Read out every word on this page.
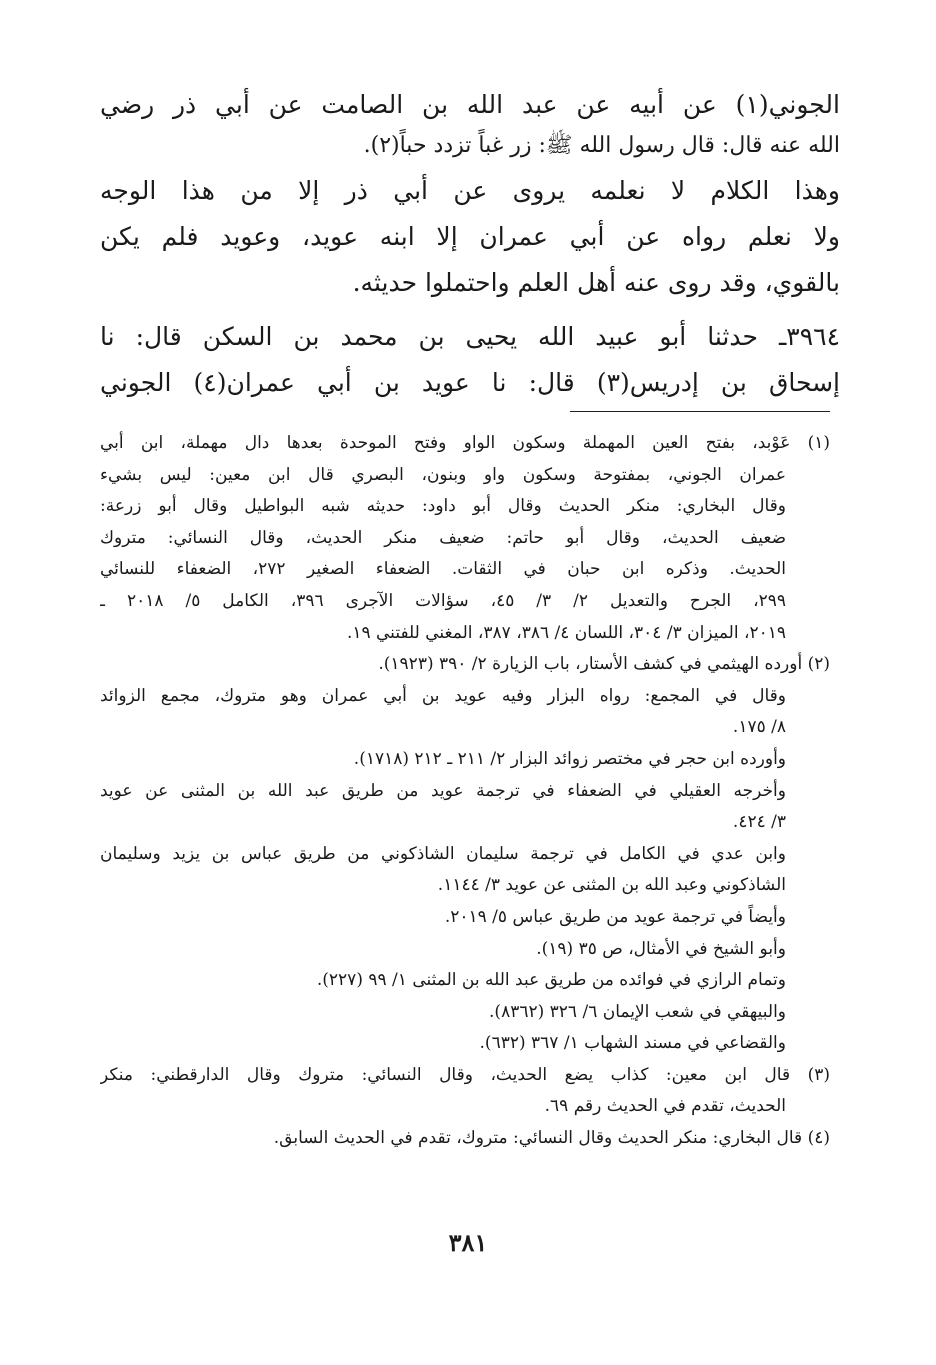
الجوني(١) عن أبيه عن عبد الله بن الصامت عن أبي ذر رضي

الله عنه قال: قال رسول الله ﷺ: زر غباً تزدد حباً(٢).

وهذا الكلام لا نعلمه يروى عن أبي ذر إلا من هذا الوجه

ولا نعلم رواه عن أبي عمران إلا ابنه عويد، وعويد فلم يكن

بالقوي، وقد روى عنه أهل العلم واحتملوا حديثه.

٣٩٦٤ـ حدثنا أبو عبيد الله يحيى بن محمد بن السكن قال: نا

إسحاق بن إدريس(٣) قال: نا عويد بن أبي عمران(٤) الجوني

(١) عَوْبد، بفتح العين المهملة وسكون الواو وفتح الموحدة بعدها دال مهملة، ابن أبي

عمران الجوني، بمفتوحة وسكون واو وبنون، البصري قال ابن معين: ليس بشيء

وقال البخاري: منكر الحديث وقال أبو داود: حديثه شبه البواطيل وقال أبو زرعة:

ضعيف الحديث، وقال أبو حاتم: ضعيف منكر الحديث، وقال النسائي: متروك

الحديث. وذكره ابن حبان في الثقات. الضعفاء الصغير ٢٧٢، الضعفاء للنسائي

٢٩٩، الجرح والتعديل ٢/ ٣/ ٤٥، سؤالات الآجرى ٣٩٦، الكامل ٥/ ٢٠١٨ ـ

٢٠١٩، الميزان ٣/ ٣٠٤، اللسان ٤/ ٣٨٦، ٣٨٧، المغني للفتني ١٩.

(٢) أورده الهيثمي في كشف الأستار، باب الزيارة ٢/ ٣٩٠ (١٩٢٣).

وقال في المجمع: رواه البزار وفيه عويد بن أبي عمران وهو متروك، مجمع الزوائد

٨/ ١٧٥.

وأورده ابن حجر في مختصر زوائد البزار ٢/ ٢١١ ـ ٢١٢ (١٧١٨).

وأخرجه العقيلي في الضعفاء في ترجمة عويد من طريق عبد الله بن المثنى عن عويد

٣/ ٤٢٤.

وابن عدي في الكامل في ترجمة سليمان الشاذكوني من طريق عباس بن يزيد وسليمان

الشاذكوني وعبد الله بن المثنى عن عويد ٣/ ١١٤٤.

وأيضاً في ترجمة عويد من طريق عباس ٥/ ٢٠١٩.

وأبو الشيخ في الأمثال، ص ٣٥ (١٩).

وتمام الرازي في فوائده من طريق عبد الله بن المثنى ١/ ٩٩ (٢٢٧).

والبيهقي في شعب الإيمان ٦/ ٣٢٦ (٨٣٦٢).

والقضاعي في مسند الشهاب ١/ ٣٦٧ (٦٣٢).

(٣) قال ابن معين: كذاب يضع الحديث، وقال النسائي: متروك وقال الدارقطني: منكر

الحديث، تقدم في الحديث رقم ٦٩.

(٤) قال البخاري: منكر الحديث وقال النسائي: متروك، تقدم في الحديث السابق.

٣٨١
